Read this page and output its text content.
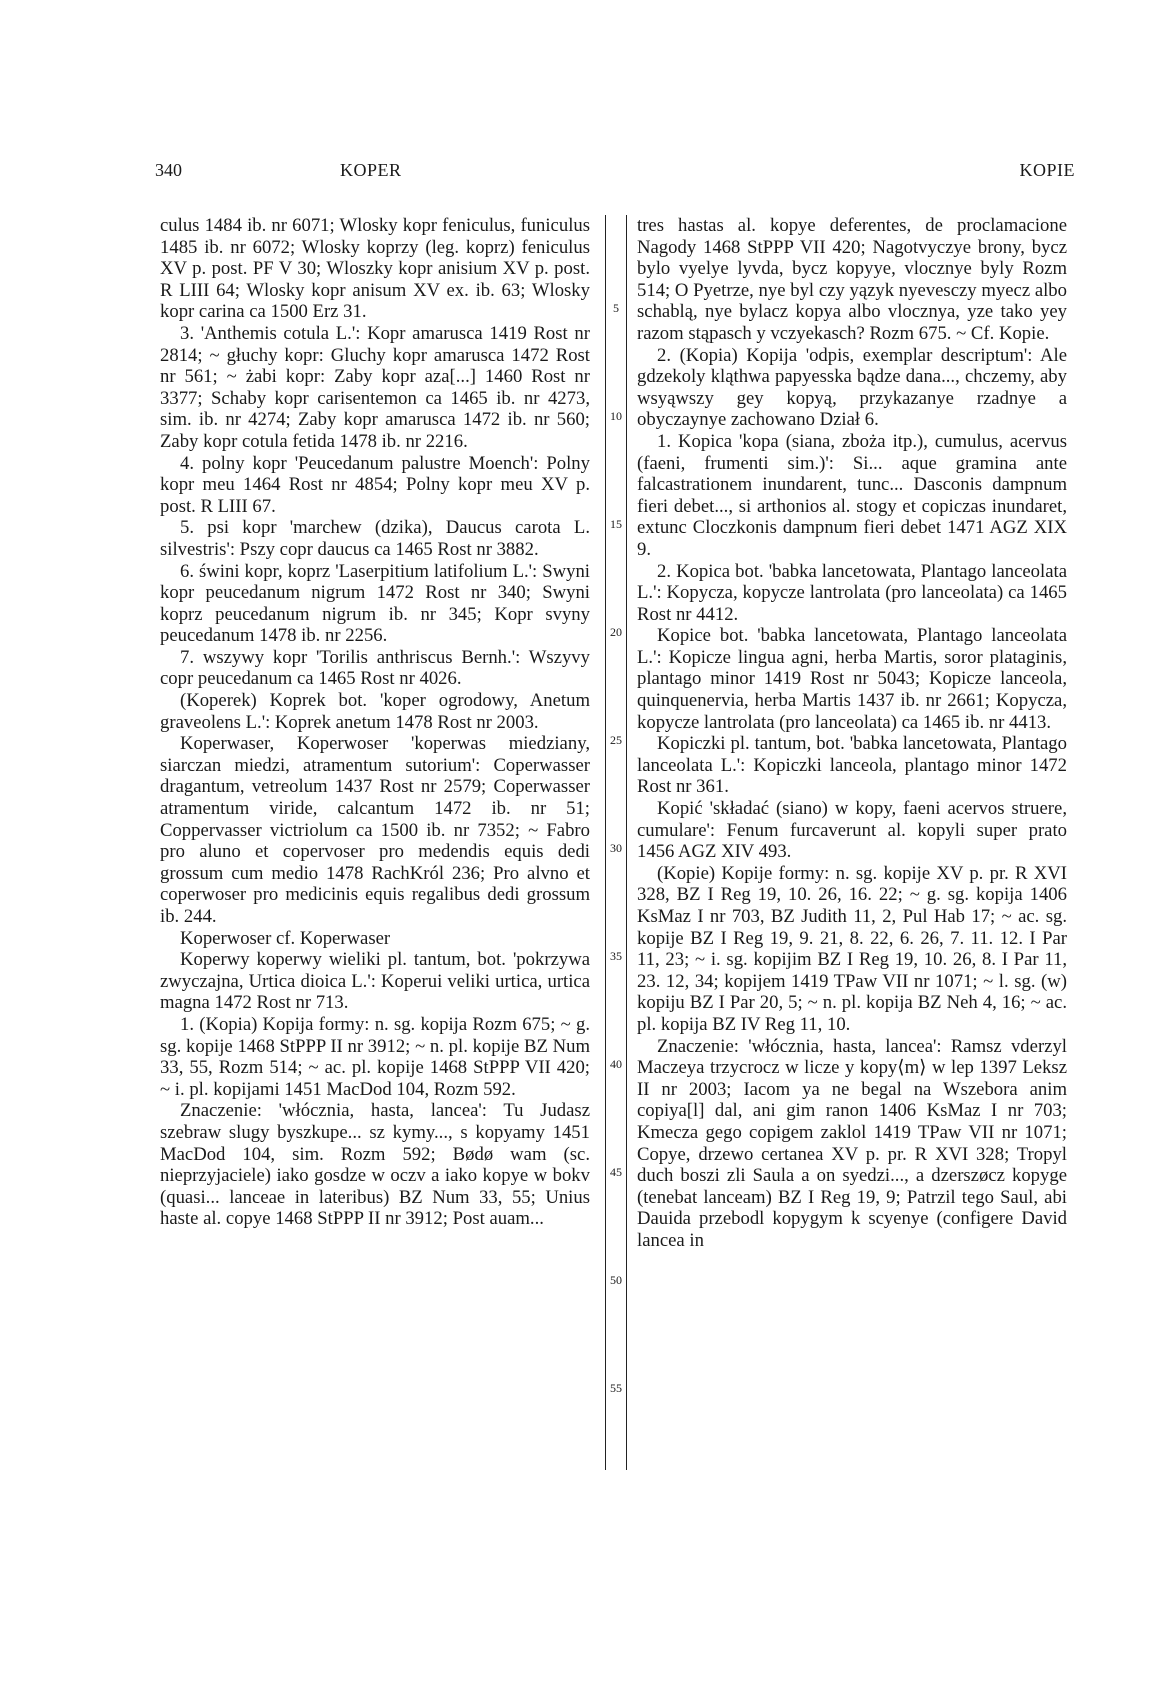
340	KOPER	KOPIE
5
10
15
20
25
30
35
40
45
50
55

culus 1484 ib. nr 6071; Wlosky kopr feniculus, funiculus 1485 ib. nr 6072; Wlosky koprzy (leg. koprz) feniculus XV p. post. PF V 30; Wloszky kopr anisium XV p. post. R LIII 64; Wlosky kopr anisum XV ex. ib. 63; Wlosky kopr carina ca 1500 Erz 31.

3. 'Anthemis cotula L.': Kopr amarusca 1419 Rost nr 2814; ~ głuchy kopr: Gluchy kopr amarusca 1472 Rost nr 561; ~ żabi kopr: Zaby kopr aza[...] 1460 Rost nr 3377; Schaby kopr carisentemon ca 1465 ib. nr 4273, sim. ib. nr 4274; Zaby kopr amarusca 1472 ib. nr 560; Zaby kopr cotula fetida 1478 ib. nr 2216.

4. polny kopr 'Peucedanum palustre Moench': Polny kopr meu 1464 Rost nr 4854; Polny kopr meu XV p. post. R LIII 67.

5. psi kopr 'marchew (dzika), Daucus carota L. silvestris': Pszy copr daucus ca 1465 Rost nr 3882.

6. świni kopr, koprz 'Laserpitium latifolium L.': Swyni kopr peucedanum nigrum 1472 Rost nr 340; Swyni koprz peucedanum nigrum ib. nr 345; Kopr svyny peucedanum 1478 ib. nr 2256.

7. wszywy kopr 'Torilis anthriscus Bernh.': Wszyvy copr peucedanum ca 1465 Rost nr 4026.

(Koperek) Koprek bot. 'koper ogrodowy, Anetum graveolens L.': Koprek anetum 1478 Rost nr 2003.

Koperwaser, Koperwoser 'koperwas miedziany, siarczan miedzi, atramentum sutorium': Coperwasser dragantum, vetreolum 1437 Rost nr 2579; Coperwasser atramentum viride, calcantum 1472 ib. nr 51; Coppervasser victriolum ca 1500 ib. nr 7352; ~ Fabro pro aluno et copervoser pro medendis equis dedi grossum cum medio 1478 RachKról 236; Pro alvno et coperwoser pro medicinis equis regalibus dedi grossum ib. 244.

Koperwoser cf. Koperwaser

Koperwy koperwy wieliki pl. tantum, bot. 'pokrzywa zwyczajna, Urtica dioica L.': Koperui veliki urtica, urtica magna 1472 Rost nr 713.

1. (Kopia) Kopija formy: n. sg. kopija Rozm 675; ~ g. sg. kopije 1468 StPPP II nr 3912; ~ n. pl. kopije BZ Num 33, 55, Rozm 514; ~ ac. pl. kopije 1468 StPPP VII 420; ~ i. pl. kopijami 1451 MacDod 104, Rozm 592.

Znaczenie: 'włócznia, hasta, lancea': Tu Judasz szebraw slugy byszkupe... sz kymy..., s kopyamy 1451 MacDod 104, sim. Rozm 592; Bødø wam (sc. nieprzyjaciele) iako gosdze w oczv a iako kopye w bokv (quasi... lanceae in lateribus) BZ Num 33, 55; Unius haste al. copye 1468 StPPP II nr 3912; Post auam...

tres hastas al. kopye deferentes, de proclamacione Nagody 1468 StPPP VII 420; Nagotvyczye brony, bycz bylo vyelye lyvda, bycz kopyye, vlocznye byly Rozm 514; O Pyetrze, nye byl czy yązyk nyevesczy myecz albo schablą, nye bylacz kopya albo vlocznya, yze tako yey razom stąpasch y vczyekasch? Rozm 675. ~ Cf. Kopie.

2. (Kopia) Kopija 'odpis, exemplar descriptum': Ale gdzekoly kląthwa papyesska bądze dana..., chczemy, aby wsyąwszy gey kopyą, przykazanye rzadnye a obyczaynye zachowano Dział 6.

1. Kopica 'kopa (siana, zboża itp.), cumulus, acervus (faeni, frumenti sim.)': Si... aque gramina ante falcastrationem inundarent, tunc... Dasconis dampnum fieri debet..., si arthonios al. stogy et copiczas inundaret, extunc Cloczkonis dampnum fieri debet 1471 AGZ XIX 9.

2. Kopica bot. 'babka lancetowata, Plantago lanceolata L.': Kopycza, kopycze lantrolata (pro lanceolata) ca 1465 Rost nr 4412.

Kopice bot. 'babka lancetowata, Plantago lanceolata L.': Kopicze lingua agni, herba Martis, soror plataginis, plantago minor 1419 Rost nr 5043; Kopicze lanceola, quinquenervia, herba Martis 1437 ib. nr 2661; Kopycza, kopycze lantrolata (pro lanceolata) ca 1465 ib. nr 4413.

Kopiczki pl. tantum, bot. 'babka lancetowata, Plantago lanceolata L.': Kopiczki lanceola, plantago minor 1472 Rost nr 361.

Kopić 'składać (siano) w kopy, faeni acervos struere, cumulare': Fenum furcaverunt al. kopyli super prato 1456 AGZ XIV 493.

(Kopie) Kopije formy: n. sg. kopije XV p. pr. R XVI 328, BZ I Reg 19, 10. 26, 16. 22; ~ g. sg. kopija 1406 KsMaz I nr 703, BZ Judith 11, 2, Pul Hab 17; ~ ac. sg. kopije BZ I Reg 19, 9. 21, 8. 22, 6. 26, 7. 11. 12. I Par 11, 23; ~ i. sg. kopijim BZ I Reg 19, 10. 26, 8. I Par 11, 23. 12, 34; kopijem 1419 TPaw VII nr 1071; ~ l. sg. (w) kopiju BZ I Par 20, 5; ~ n. pl. kopija BZ Neh 4, 16; ~ ac. pl. kopija BZ IV Reg 11, 10.

Znaczenie: 'włócznia, hasta, lancea': Ramsz vderzyl Maczeya trzycrocz w licze y kopy⟨m⟩ w lep 1397 Leksz II nr 2003; Iacom ya ne begal na Wszebora anim copiya[l] dal, ani gim ranon 1406 KsMaz I nr 703; Kmecza gego copigem zaklol 1419 TPaw VII nr 1071; Copye, drzewo certanea XV p. pr. R XVI 328; Tropyl duch boszi zli Saula a on syedzi..., a dzerszøcz kopyge (tenebat lanceam) BZ I Reg 19, 9; Patrzil tego Saul, abi Dauida przebodl kopygym k scyenye (configere David lancea in
